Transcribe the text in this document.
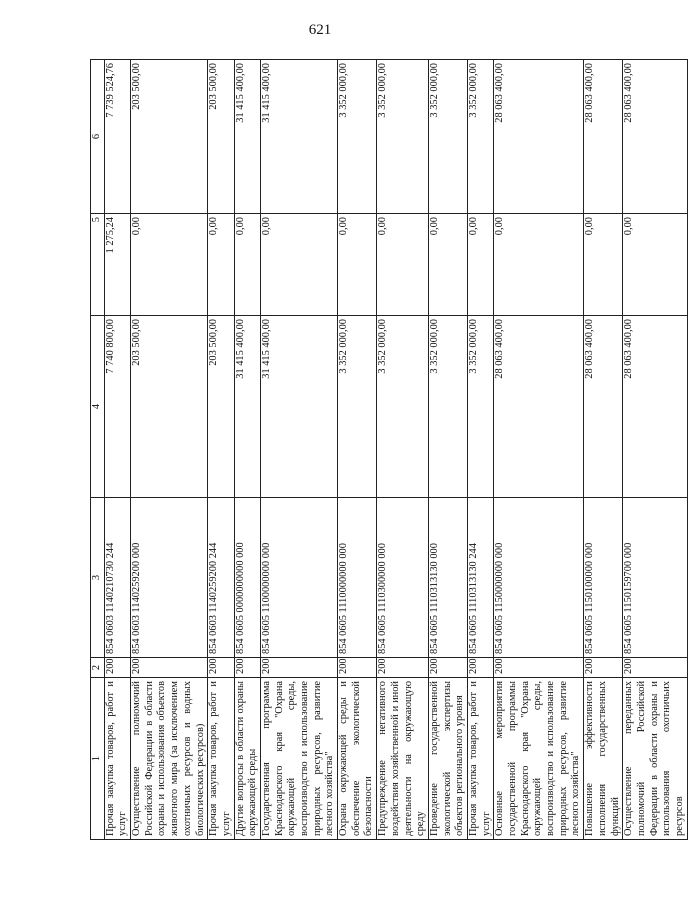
621
1	2	3	4	5	6
Прочая закупка товаров, работ и услуг	200	854 0603 1140210730 244	7 740 800,00	1 275,24	7 739 524,76
Осуществление полномочий Российской Федерации в области охраны и использования объектов животного мира (за исключением охотничьих ресурсов и водных биологических ресурсов)	200	854 0603 1140259200 000	203 500,00	0,00	203 500,00
Прочая закупка товаров, работ и услуг	200	854 0603 1140259200 244	203 500,00	0,00	203 500,00
Другие вопросы в области охраны окружающей среды	200	854 0605 0000000000 000	31 415 400,00	0,00	31 415 400,00
Государственная программа Краснодарского края "Охрана окружающей среды, воспроизводство и использование природных ресурсов, развитие лесного хозяйства"	200	854 0605 1100000000 000	31 415 400,00	0,00	31 415 400,00
Охрана окружающей среды и обеспечение экологической безопасности	200	854 0605 1110000000 000	3 352 000,00	0,00	3 352 000,00
Предупреждение негативного воздействия хозяйственной и иной деятельности на окружающую среду	200	854 0605 1110300000 000	3 352 000,00	0,00	3 352 000,00
Проведение государственной экологической экспертизы объектов регионального уровня	200	854 0605 1110313130 000	3 352 000,00	0,00	3 352 000,00
Прочая закупка товаров, работ и услуг	200	854 0605 1110313130 244	3 352 000,00	0,00	3 352 000,00
Основные мероприятия государственной программы Краснодарского края "Охрана окружающей среды, воспроизводство и использование природных ресурсов, развитие лесного хозяйства"	200	854 0605 1150000000 000	28 063 400,00	0,00	28 063 400,00
Повышение эффективности исполнения государственных функций	200	854 0605 1150100000 000	28 063 400,00	0,00	28 063 400,00
Осуществление переданных полномочий Российской Федерации в области охраны и использования охотничьих ресурсов	200	854 0605 1150159700 000	28 063 400,00	0,00	28 063 400,00
